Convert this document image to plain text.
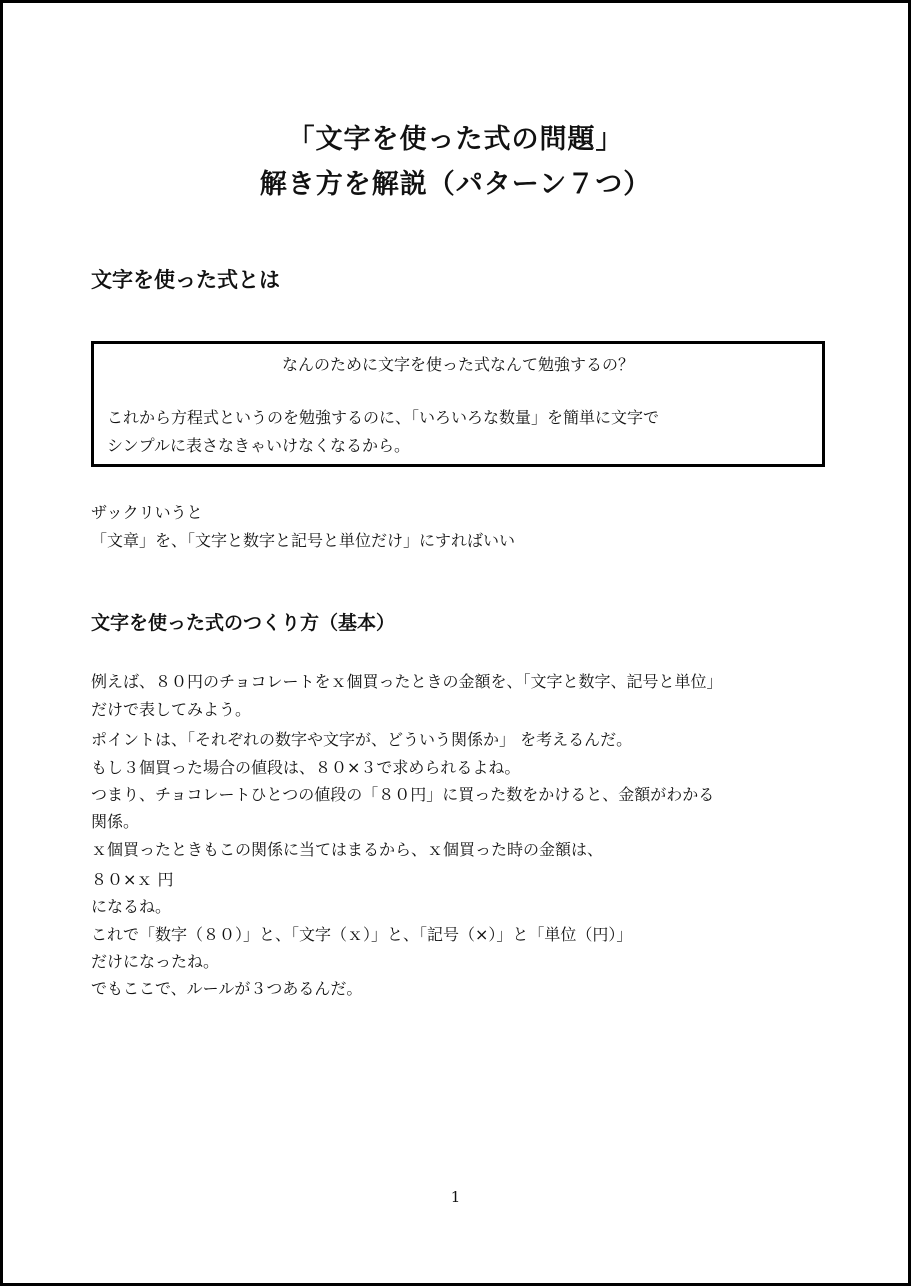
「文字を使った式の問題」
解き方を解説（パターン７つ）
文字を使った式とは
なんのために文字を使った式なんて勉強するの？
これから方程式というのを勉強するのに、「いろいろな数量」を簡単に文字で
シンプルに表さなきゃいけなくなるから。
ザックリいうと
「文章」を、「文字と数字と記号と単位だけ」にすればいい
文字を使った式のつくり方（基本）
例えば、８０円のチョコレートをｘ個買ったときの金額を、「文字と数字、記号と単位」
だけで表してみよう。
ポイントは、「それぞれの数字や文字が、どういう関係か」 を考えるんだ。
もし３個買った場合の値段は、８０×３で求められるよね。
つまり、チョコレートひとつの値段の「８０円」に買った数をかけると、金額がわかる
関係。
ｘ個買ったときもこの関係に当てはまるから、ｘ個買った時の金額は、
８０×ｘ 円
になるね。
これで「数字（８０）」と、「文字（ｘ）」と、「記号（×）」と「単位（円）」
だけになったね。
でもここで、ルールが３つあるんだ。
1
